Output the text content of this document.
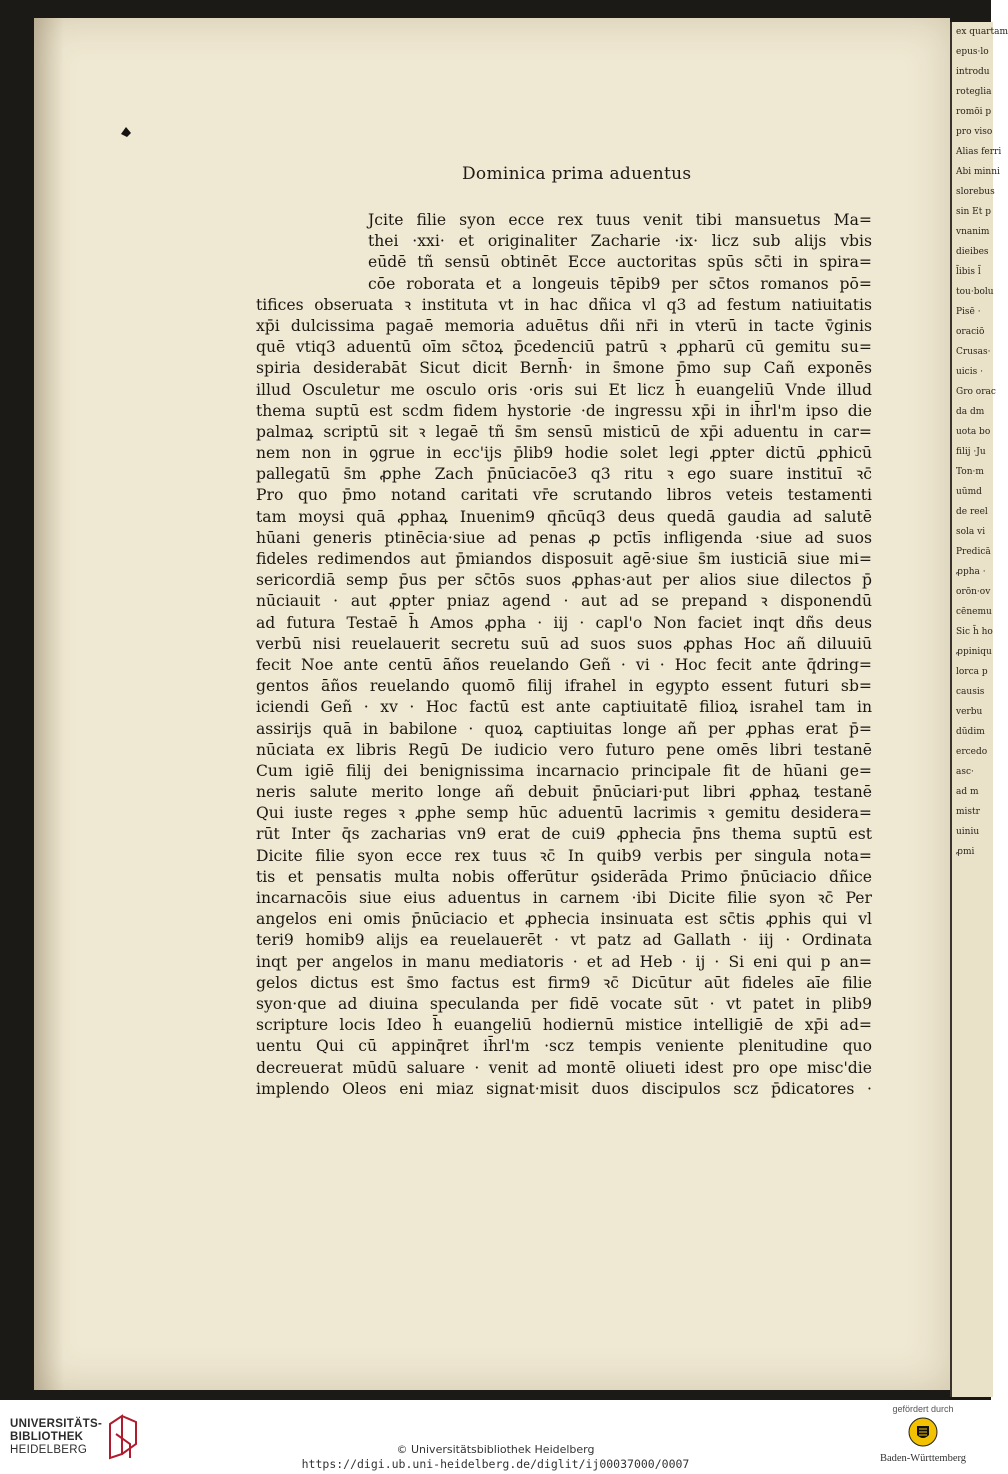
ex quartam
epus·lo
introdu
roteglia
romōi p
pro viso
Alias ferri
Abi minni
slorebus
sin Et p
vnanim
dieibes
l̄ibis l̄
tou·bolu
Pisē ·
oraciō
Crusas·
uicis ·
Gro orac
da dm
uota bo
filij ·Ju
Ton·m
uūmd
de reel
sola vi
Predicā
ꝓpha ·
orōn·ov
cēnemu
Sic h̄ ho
ꝓpiniqu
lorca p
causis
verbu
dūdim
ercedo
asc·
ad m
mistr
uiniu
ꝓmi
Dominica prima aduentus
Jcite filie syon ecce rex tuus venit tibi mansuetus Ma=
thei ·xxi· et originaliter Zacharie ·ix· licz sub alijs vbis
eūdē tñ sensū obtinēt Ecce auctoritas spūs sc̄ti in spira=
cōe roborata et a longeuis tēpib9 per sc̄tos romanos pō=
tifices obseruata ꝛ instituta vt in hac dñica vl q3 ad festum natiuitatis
xp̄i dulcissima pagaē memoria aduētus dñi nr̄i in vterū in tacte v̄ginis
quē vtiq3 aduentū oīm sc̄toꝝ p̄cedenciū patrū ꝛ ꝓpharū cū gemitu su=
spiria desiderabāt Sicut dicit Bernh̄· in s̄mone p̄mo sup Cañ exponēs
illud Osculetur me osculo oris ·oris sui Et licz h̄ euangeliū Vnde illud
thema suptū est scdm fidem hystorie ·de ingressu xp̄i in ih̄rl'm ipso die
palmaꝝ scriptū sit ꝛ legaē tñ s̄m sensū misticū de xp̄i aduentu in car=
nem non in ꝯgrue in ecc'ijs p̄lib9 hodie solet legi ꝓpter dictū ꝓphicū
pallegatū s̄m ꝓphe Zach p̄nūciacōe3 q3 ritu ꝛ ego suare instituī ꝛc̄
Pro quo p̄mo notand caritati vr̄e scrutando libros veteis testamenti
tam moysi quā ꝓphaꝝ Inuenim9 qn̄cūq3 deus quedā gaudia ad salutē
hūani generis ptinēcia·siue ad penas ꝓ pctīs infligenda ·siue ad suos
fideles redimendos aut p̄miandos disposuit agē·siue s̄m iusticiā siue mi=
sericordiā semp p̄us per sc̄tōs suos ꝓphas·aut per alios siue dilectos p̄
nūciauit · aut ꝓpter pniaz agend · aut ad se prepand ꝛ disponendū
ad futura Testaē h̄ Amos ꝓpha · iij · capl'o Non faciet inqt dñs deus
verbū nisi reuelauerit secretu suū ad suos suos ꝓphas Hoc añ diluuiū
fecit Noe ante centū āños reuelando Geñ · vi · Hoc fecit ante q̄dring=
gentos āños reuelando quomō filij ifrahel in egypto essent futuri sb=
iciendi Geñ · xv · Hoc factū est ante captiuitatē filioꝝ israhel tam in
assirijs quā in babilone · quoꝝ captiuitas longe añ per ꝓphas erat p̄=
nūciata ex libris Regū De iudicio vero futuro pene omēs libri testanē
Cum igiē filij dei benignissima incarnacio principale fit de hūani ge=
neris salute merito longe añ debuit p̄nūciari·put libri ꝓphaꝝ testanē
Qui iuste reges ꝛ ꝓphe semp hūc aduentū lacrimis ꝛ gemitu desidera=
rūt Inter q̄s zacharias vn9 erat de cui9 ꝓphecia p̄ns thema suptū est
Dicite filie syon ecce rex tuus ꝛc̄ In quib9 verbis per singula nota=
tis et pensatis multa nobis offerūtur ꝯsiderāda Primo p̄nūciacio dñice
incarnacōis siue eius aduentus in carnem ·ibi Dicite filie syon ꝛc̄ Per
angelos eni omis p̄nūciacio et ꝓphecia insinuata est sc̄tis ꝓphis qui vl
teri9 homib9 alijs ea reuelauerēt · vt patz ad Gallath · iij · Ordinata
inqt per angelos in manu mediatoris · et ad Heb · ij · Si eni qui p an=
gelos dictus est s̄mo factus est firm9 ꝛc̄ Dicūtur aūt fideles aīe filie
syon·que ad diuina speculanda per fidē vocate sūt · vt patet in plib9
scripture locis Ideo h̄ euangeliū hodiernū mistice intelligiē de xp̄i ad=
uentu Qui cū appinq̄ret ih̄rl'm ·scz tempis veniente plenitudine quo
decreuerat mūdū saluare · venit ad montē oliueti idest pro ope misc'die
implendo Oleos eni miaz signat·misit duos discipulos scz p̄dicatores ·
UNIVERSITÄTS-
BIBLIOTHEK
HEIDELBERG	© Universitätsbibliothek Heidelberg
https://digi.ub.uni-heidelberg.de/diglit/ij00037000/0007
gefördert durch
Baden-Württemberg
